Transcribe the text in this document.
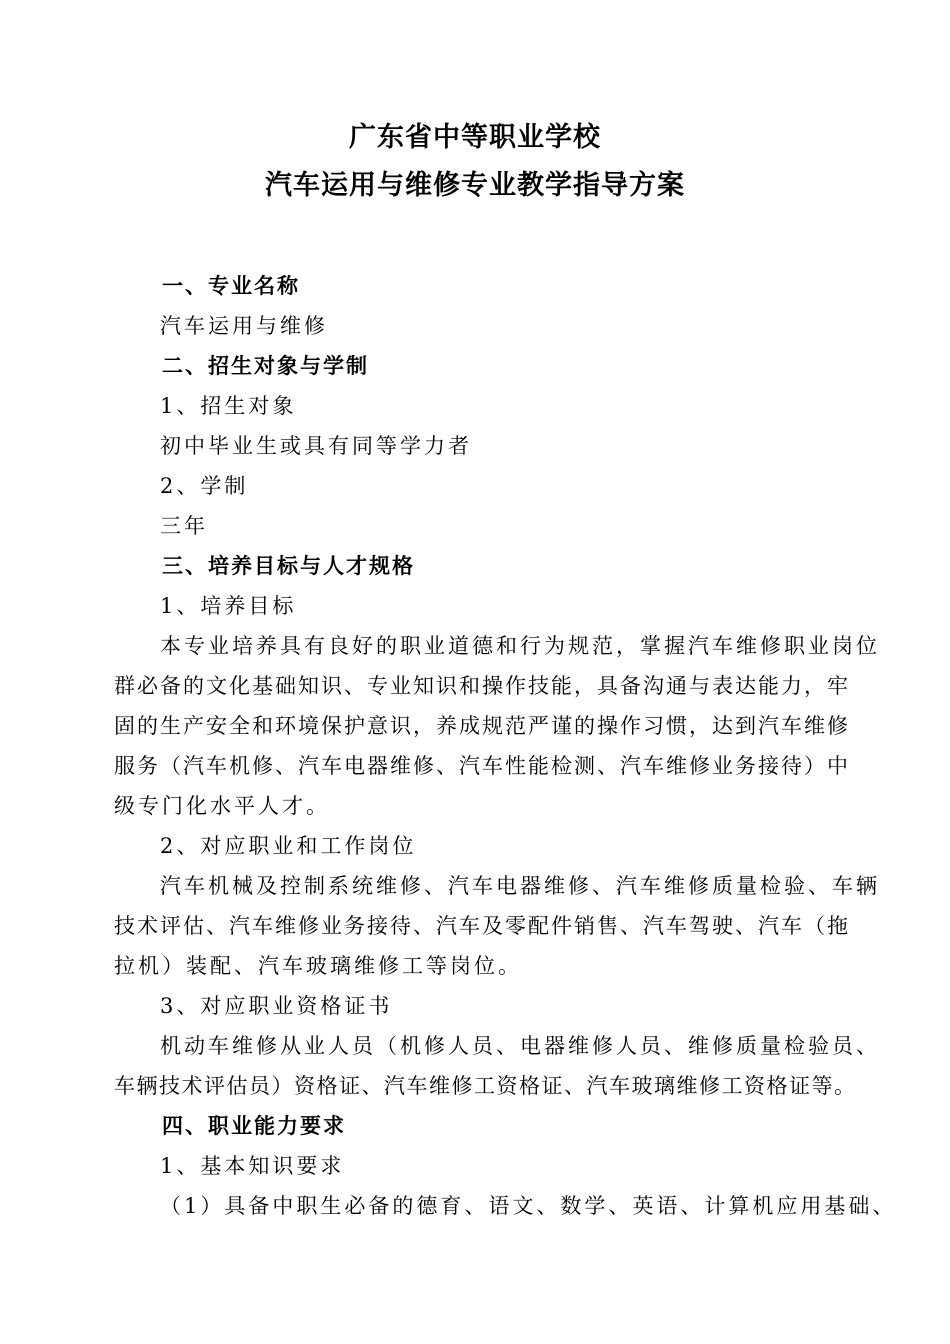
广东省中等职业学校
汽车运用与维修专业教学指导方案
一、专业名称
汽车运用与维修
二、招生对象与学制
1、招生对象
初中毕业生或具有同等学力者
2、学制
三年
三、培养目标与人才规格
1、培养目标
本专业培养具有良好的职业道德和行为规范，掌握汽车维修职业岗位
群必备的文化基础知识、专业知识和操作技能，具备沟通与表达能力，牢
固的生产安全和环境保护意识，养成规范严谨的操作习惯，达到汽车维修
服务（汽车机修、汽车电器维修、汽车性能检测、汽车维修业务接待）中
级专门化水平人才。
2、对应职业和工作岗位
汽车机械及控制系统维修、汽车电器维修、汽车维修质量检验、车辆
技术评估、汽车维修业务接待、汽车及零配件销售、汽车驾驶、汽车（拖
拉机）装配、汽车玻璃维修工等岗位。
3、对应职业资格证书
机动车维修从业人员（机修人员、电器维修人员、维修质量检验员、
车辆技术评估员）资格证、汽车维修工资格证、汽车玻璃维修工资格证等。
四、职业能力要求
1、基本知识要求
（1）具备中职生必备的德育、语文、数学、英语、计算机应用基础、
